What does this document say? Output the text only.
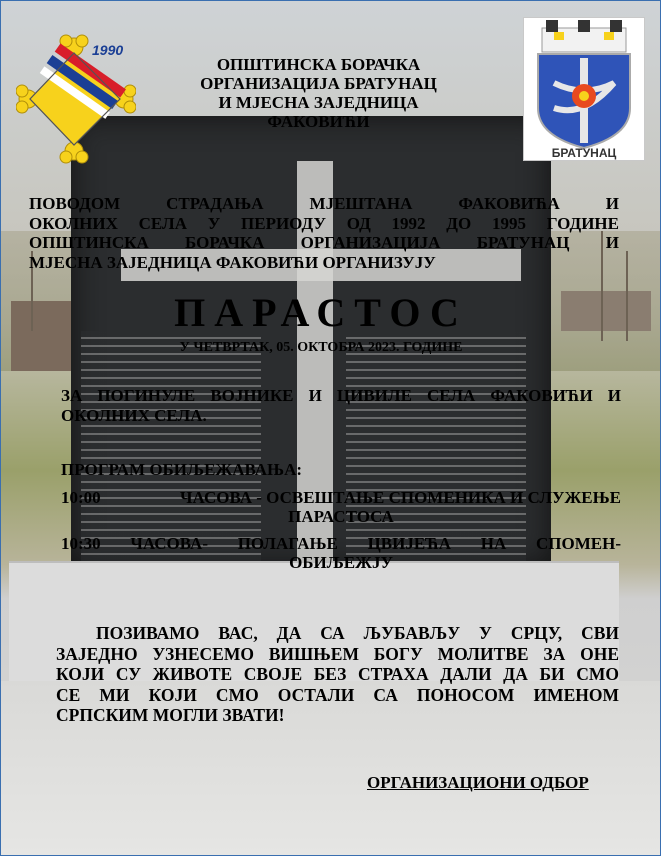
1990
БРАТУНАЦ
ОПШТИНСКА БОРАЧКА
ОРГАНИЗАЦИЈА БРАТУНАЦ
И МЈЕСНА ЗАЈЕДНИЦА
ФАКОВИЋИ
ПОВОДОМ СТРАДАЊА МЈЕШТАНА ФАКОВИЋА И
ОКОЛНИХ СЕЛА У ПЕРИОДУ ОД 1992 ДО 1995 ГОДИНЕ
ОПШТИНСКА БОРАЧКА ОРГАНИЗАЦИЈА БРАТУНАЦ И
МЈЕСНА ЗАЈЕДНИЦА ФАКОВИЋИ ОРГАНИЗУЈУ
ПАРАСТОС
У ЧЕТВРТАК, 05. ОКТОБРА 2023. ГОДИНЕ
ЗА ПОГИНУЛЕ ВОЈНИКЕ И ЦИВИЛЕ СЕЛА ФАКОВИЋИ И
ОКОЛНИХ СЕЛА.
ПРОГРАМ ОБИЉЕЖАВАЊА:
10:00	ЧАСОВА - ОСВЕШТАЊЕ СПОМЕНИКА И СЛУЖЕЊЕ
ПАРАСТОСА
10:30 ЧАСОВА- ПОЛАГАЊЕ ЦВИЈЕЋА НА СПОМЕН-
ОБИЉЕЖЈУ
ПОЗИВАМО ВАС, ДА СА ЉУБАВЉУ У СРЦУ, СВИ
ЗАЈЕДНО УЗНЕСЕМО ВИШЊЕМ БОГУ МОЛИТВЕ ЗА ОНЕ
КОЈИ СУ ЖИВОТЕ СВОЈЕ БЕЗ СТРАХА ДАЛИ ДА БИ СМО
СЕ МИ КОЈИ СМО ОСТАЛИ СА ПОНОСОМ ИМЕНОМ
СРПСКИМ МОГЛИ ЗВАТИ!
ОРГАНИЗАЦИОНИ ОДБОР
